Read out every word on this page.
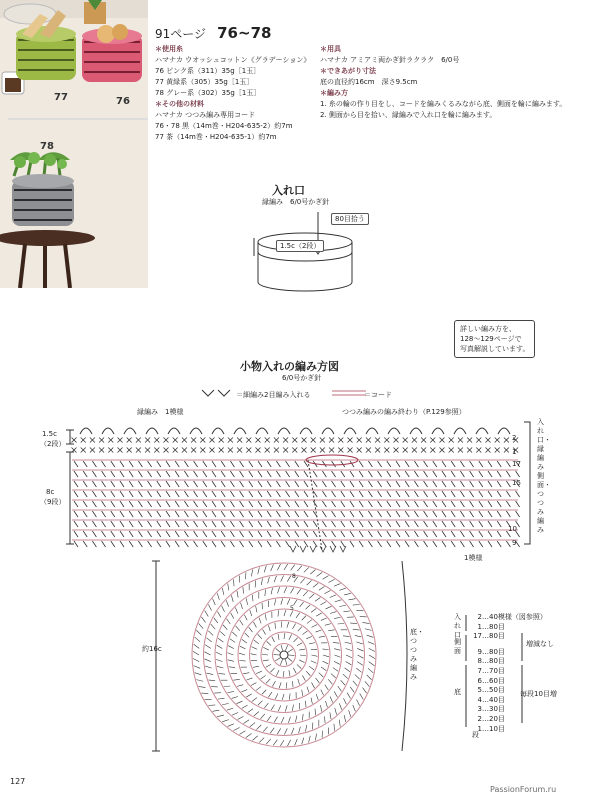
77	76
78
91ページ 76~78
＊使用糸
ハマナカ ウオッシュコットン《グラデーション》
76 ピンク系（311）35g［1玉］
77 黄緑系（305）35g［1玉］
78 グレー系（302）35g［1玉］
＊その他の材料
ハマナカ つつみ編み専用コード
76・78 黒（14m巻・H204-635-2）約7m
77 茶（14m巻・H204-635-1）約7m
＊用具
ハマナカ アミアミ両かぎ針ラクラク　6/0号
＊できあがり寸法
底の直径約16cm　深さ9.5cm
＊編み方
1. 糸の輪の作り目をし、コードを編みくるみながら底、側面を輪に編みます。
2. 側面から目を拾い、縁編みで入れ口を輪に編みます。
入れ口
縁編み　6/0号かぎ針
80目拾う
1.5c（2段）
詳しい編み方を、
128～129ページで
写真解説しています。
小物入れの編み方図
6/0号かぎ針
＝細編み2目編み入れる	＝コード
縁編み　1模様	つつみ編みの編み終わり（P.129参照）
1.5c
（2段）
8c
（9段）
2
1
17
15
10
9
入れ口・縁編み　側面・つつみ編み
1模様
約16c
底・つつみ編み
8
5
入れ口
側面
底
2…40模様（図参照）
1…80目
17…80目
9…80目
8…80目
7…70目
6…60目
5…50目
4…40目
3…30目
2…20目
1…10目
増減なし
毎段10目増
段
127
PassionForum.ru
